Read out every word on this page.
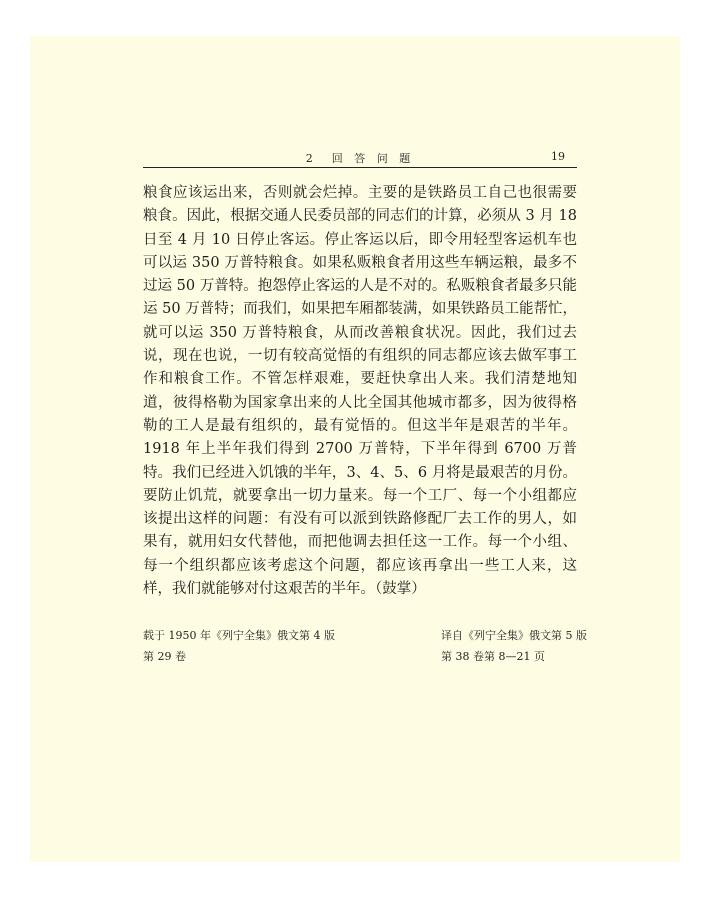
2　回 答 问 题	19

粮食应该运出来，否则就会烂掉。主要的是铁路员工自己也很需要粮食。因此，根据交通人民委员部的同志们的计算，必须从 3 月 18 日至 4 月 10 日停止客运。停止客运以后，即令用轻型客运机车也可以运 350 万普特粮食。如果私贩粮食者用这些车辆运粮，最多不过运 50 万普特。抱怨停止客运的人是不对的。私贩粮食者最多只能运 50 万普特；而我们，如果把车厢都装满，如果铁路员工能帮忙，就可以运 350 万普特粮食，从而改善粮食状况。因此，我们过去说，现在也说，一切有较高觉悟的有组织的同志都应该去做军事工作和粮食工作。不管怎样艰难，要赶快拿出人来。我们清楚地知道，彼得格勒为国家拿出来的人比全国其他城市都多，因为彼得格勒的工人是最有组织的，最有觉悟的。但这半年是艰苦的半年。1918 年上半年我们得到 2700 万普特，下半年得到 6700 万普特。我们已经进入饥饿的半年，3、4、5、6 月将是最艰苦的月份。要防止饥荒，就要拿出一切力量来。每一个工厂、每一个小组都应该提出这样的问题：有没有可以派到铁路修配厂去工作的男人，如果有，就用妇女代替他，而把他调去担任这一工作。每一个小组、每一个组织都应该考虑这个问题，都应该再拿出一些工人来，这样，我们就能够对付这艰苦的半年。（鼓掌）

载于 1950 年《列宁全集》俄文第 4 版
第 29 卷
译自《列宁全集》俄文第 5 版
第 38 卷第 8—21 页
